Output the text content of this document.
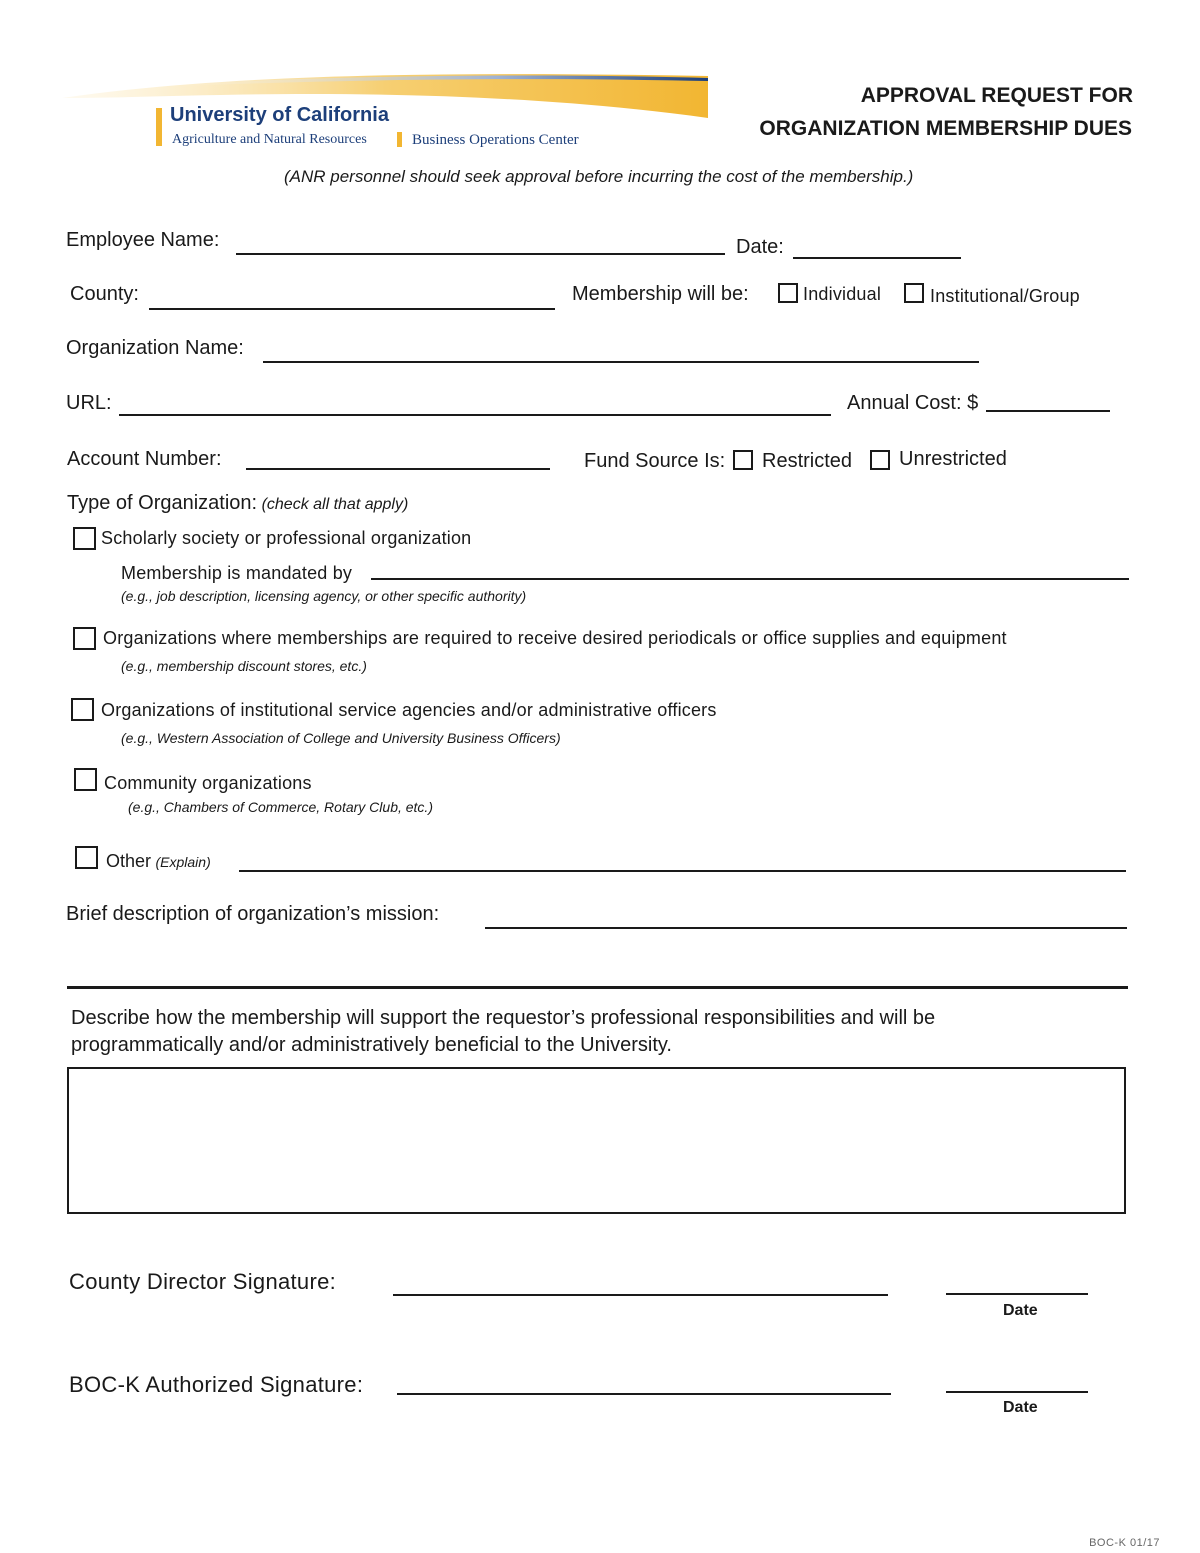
University of California
Agriculture and Natural Resources	Business Operations Center
APPROVAL REQUEST FOR
ORGANIZATION MEMBERSHIP DUES
(ANR personnel should seek approval before incurring the cost of the membership.)
Employee Name:	Date:
County:	Membership will be:	Individual	Institutional/Group
Organization Name:
URL:	Annual Cost: $
Account Number:	Fund Source Is: Restricted Unrestricted
Type of Organization: (check all that apply)
Scholarly society or professional organization
Membership is mandated by
(e.g., job description, licensing agency, or other specific authority)
Organizations where memberships are required to receive desired periodicals or office supplies and equipment
(e.g., membership discount stores, etc.)
Organizations of institutional service agencies and/or administrative officers
(e.g., Western Association of College and University Business Officers)
Community organizations
(e.g., Chambers of Commerce, Rotary Club, etc.)
Other (Explain)
Brief description of organization’s mission:
Describe how the membership will support the requestor’s professional responsibilities and will be
programmatically and/or administratively beneficial to the University.
County Director Signature:
Date
BOC-K Authorized Signature:
Date
BOC-K 01/17
